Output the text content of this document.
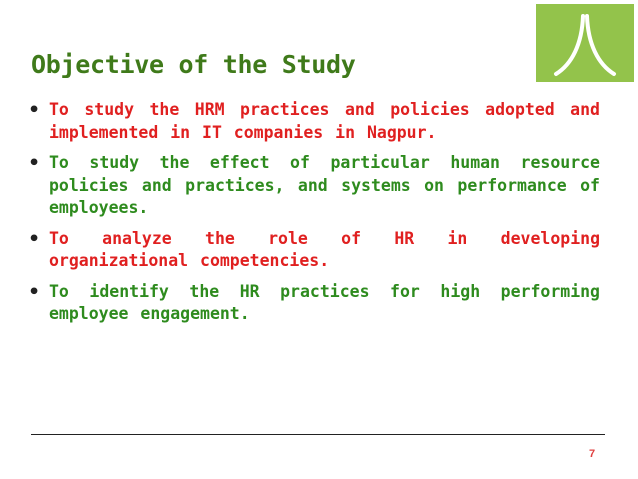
Objective of the Study
• To study the HRM practices and policies adopted and implemented in IT companies in Nagpur.
• To study the effect of particular human resource policies and practices, and systems on performance of employees.
• To analyze the role of HR in developing organizational competencies.
• To identify the HR practices for high performing employee engagement.
7
